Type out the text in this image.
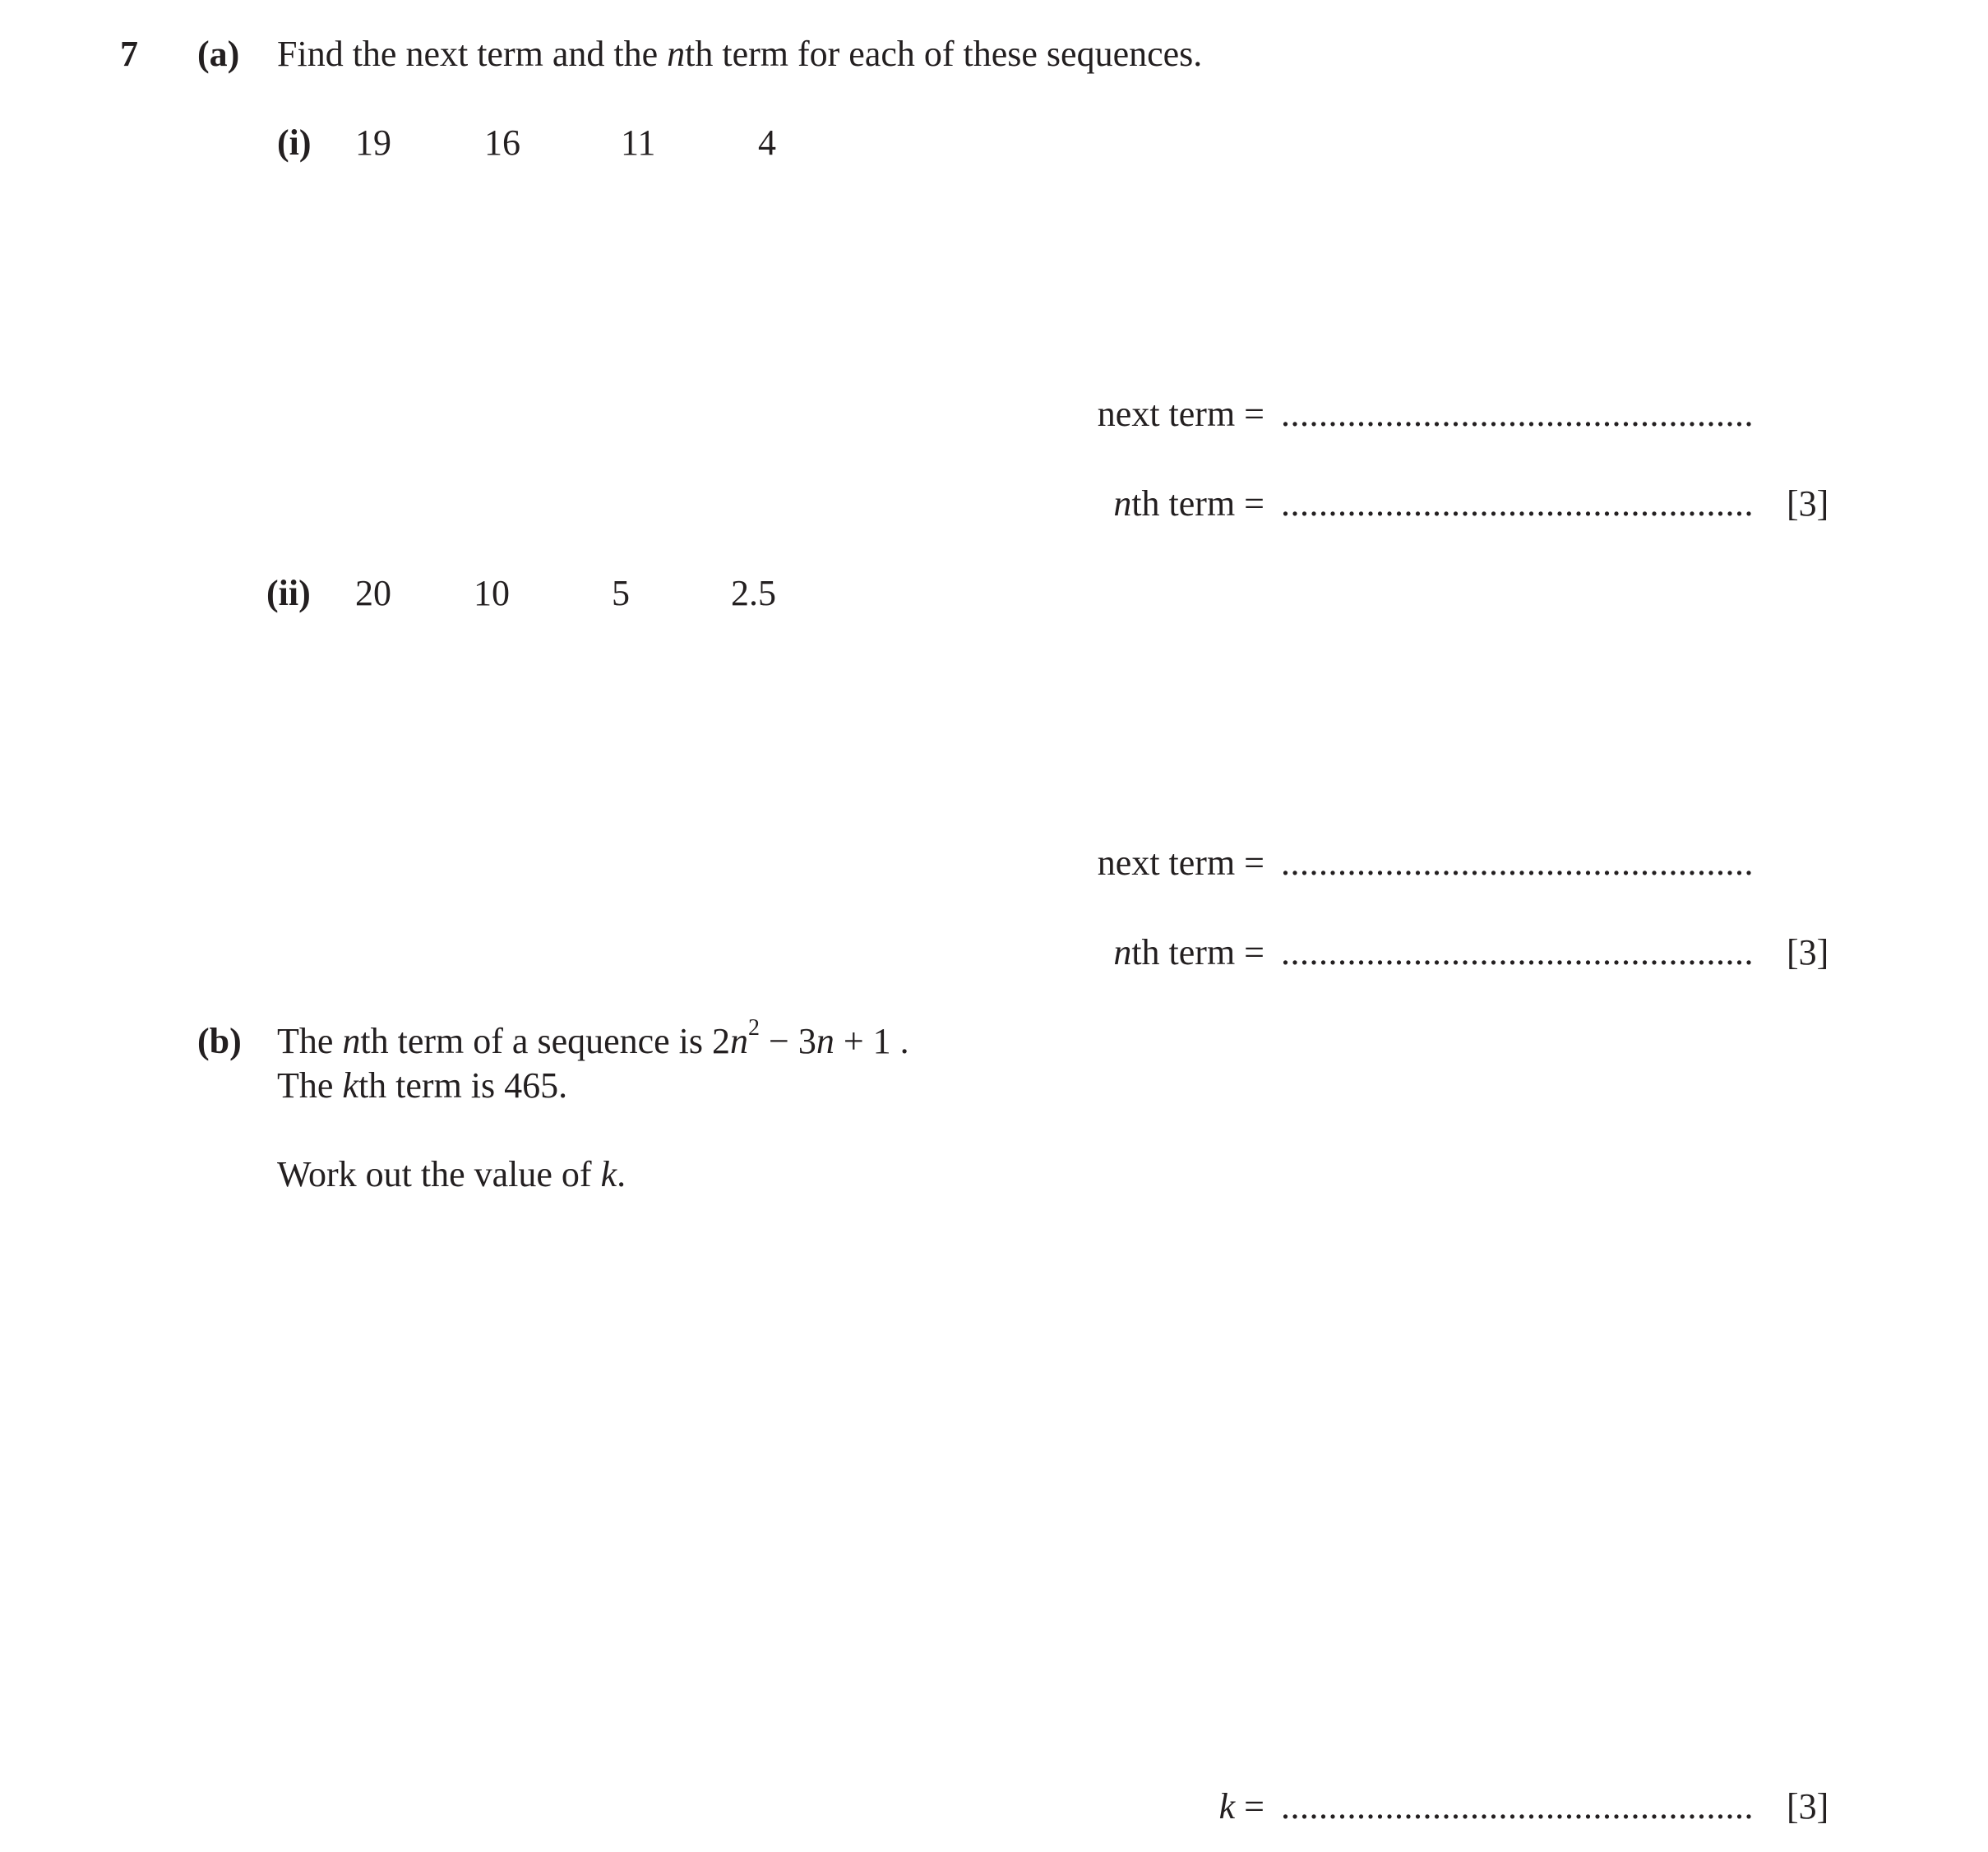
7 (a) Find the next term and the nth term for each of these sequences.
(i) 19	16	11	4
next term = ..................................................
nth term = .................................................. [3]
(ii) 20 10	5	2.5
next term = ..................................................
nth term = .................................................. [3]
(b) The nth term of a sequence is $2n^2 - 3n + 1$ .
The kth term is 465.
Work out the value of k.
k = .................................................. [3]
